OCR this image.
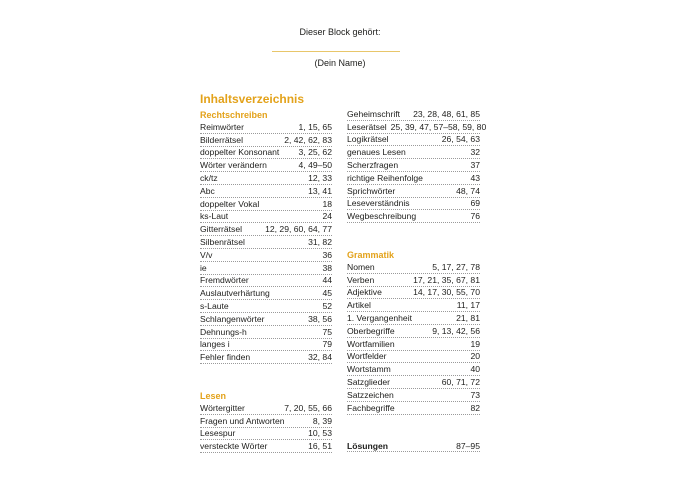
Dieser Block gehört:
(Dein Name)
Inhaltsverzeichnis
Rechtschreiben
Reimwörter	1, 15, 65
Bilderrätsel	2, 42, 62, 83
doppelter Konsonant	3, 25, 62
Wörter verändern	4, 49–50
ck/tz	12, 33
Abc	13, 41
doppelter Vokal	18
ks-Laut	24
Gitterrätsel	12, 29, 60, 64, 77
Silbenrätsel	31, 82
V/v	36
ie	38
Fremdwörter	44
Auslautverhärtung	45
s-Laute	52
Schlangenwörter	38, 56
Dehnungs-h	75
langes i	79
Fehler finden	32, 84
Lesen
Wörtergitter	7, 20, 55, 66
Fragen und Antworten	8, 39
Lesespur	10, 53
versteckte Wörter	16, 51
Geheimschrift	23, 28, 48, 61, 85
Leserätsel 25, 39, 47, 57–58, 59, 80
Logikrätsel	26, 54, 63
genaues Lesen	32
Scherzfragen	37
richtige Reihenfolge	43
Sprichwörter	48, 74
Leseverständnis	69
Wegbeschreibung	76
Grammatik
Nomen	5, 17, 27, 78
Verben	17, 21, 35, 67, 81
Adjektive	14, 17, 30, 55, 70
Artikel	11, 17
1. Vergangenheit	21, 81
Oberbegriffe	9, 13, 42, 56
Wortfamilien	19
Wortfelder	20
Wortstamm	40
Satzglieder	60, 71, 72
Satzzeichen	73
Fachbegriffe	82
Lösungen	87–95
